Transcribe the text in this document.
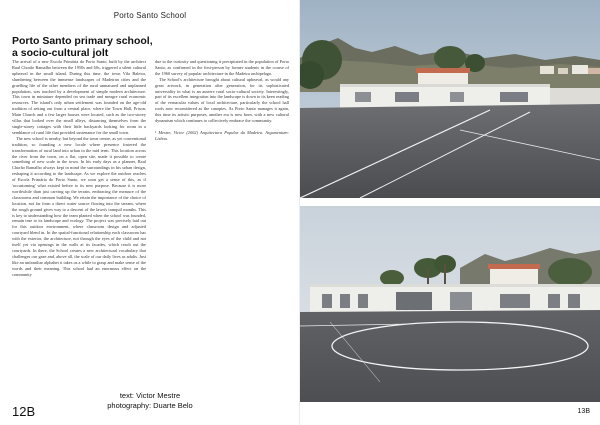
Porto Santo School
Porto Santo primary school,
a socio-cultural jolt

The arrival of a new Escola Primária do Porto Santo, built by the architect Raul Chorão Ramalho between the 1950s and 60s, triggered a silent cultural upheaval in the small island. During this time, the town Vila Baleira, slumbering between the immense landscapes of Madeiran cities and the gruelling life of the other members of the rural unmatured and unplanned population, was touched by a development of simple modern architecture. This town in miniature depended on sea trade and meagre rural economic resources. The island's only urban settlement was founded on the age-old tradition of setting out from a central place, where the Town Hall, Prison, Main Church and a few larger houses were located, such as the two-storey villas that looked over the small alleys, distancing themselves from the single-storey cottages with their little backyards looking for room in a semblance of rural life that provided sustenance for the small town.

The new school is nearby, but beyond the town centre, as yet conventional tradition, so founding a new locale where presence fostered the transformation of rural land into urban in the mid term. This location across the river from the town, on a flat, open site, made it possible to create something of new scale in the town. In his early days as a planner, Raul Chorão Ramalho always kept in mind the surroundings in his urban design, reshaping it according to the landscape. As we explore the outdoor reaches of Escola Primária do Porto Santo, we soon get a sense of this, as if 'accustoming' what existed before to its new purpose. Because it is more worthwhile than just carving up the terrain, embracing the measure of the classrooms and common building. We retain the importance of the choice of location, not far from a direct water source flowing into the stream, where the rough ground gives way to a descent of the lawn's tranquil months. This is key to understanding how the team planted when the school was founded, remain true to its landscape and ecology. The project was precisely laid out for this outdoor environment, where classroom design and adjusted courtyard blend in. In the spatial-functional relationship each classroom has with the exterior, the architecture, not through the eyes of the child and not itself yet via openings in the walls at its facades, which reach out the courtyards. In there, the School creates a new architectural vocabulary that challenges our gaze and, above all, the scale of our daily lives as adults. Just like an unfamiliar alphabet it takes us a while to grasp and make sense of the words and their meaning. This school had an enormous effect on the community

due to the curiosity and questioning it precipitated in the population of Porto Santo, as confirmed in the first-person by former students in the course of the 1960 survey of popular architecture in the Madeira archipelago.

The School's architecture brought about cultural upheaval, as would any great artwork, in generation after generation, for its sophisticated universality in what is an austere rural socio-cultural society. Interestingly, part of its excellent integration into the landscape is down to its keen reading of the vernacular values of local architecture, particularly the school hall roofs now reconsidered as the canopies. As Porto Santo manages it again, this time its artistic purposes, another era is now born, with a new cultural dynamism which continues to collectively embrace the community.

¹ Mestre, Victor (2002) Arquitectura Popular da Madeira. Argumentum: Lisboa.

text: Victor Mestre
photography: Duarte Belo
12B	13B
